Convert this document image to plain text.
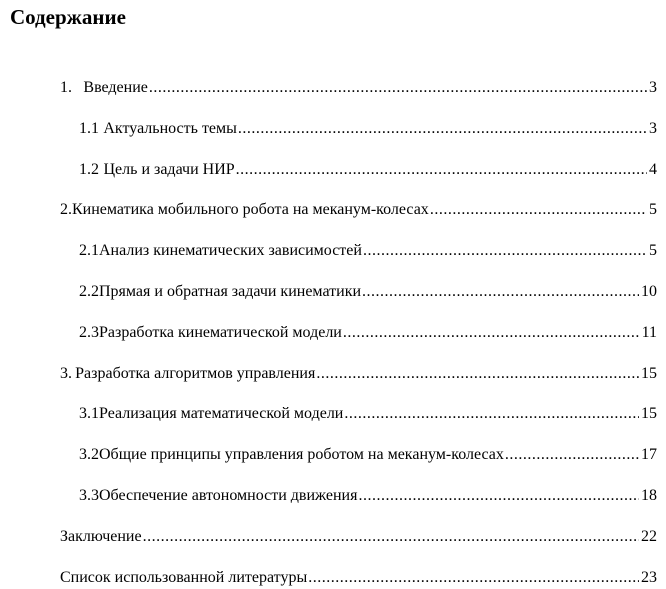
Содержание
1. Введение .....	3
1.1 Актуальность темы .....	3
1.2 Цель и задачи НИР .....	4
2. Кинематика мобильного робота на меканум-колесах .....	5
2.1 Анализ кинематических зависимостей .....	5
2.2 Прямая и обратная задачи кинематики .....	10
2.3 Разработка кинематической модели .....	11
3. Разработка алгоритмов управления .....	15
3.1 Реализация математической модели .....	15
3.2 Общие принципы управления роботом на меканум-колесах .....	17
3.3 Обеспечение автономности движения .....	18
Заключение .....	22
Список использованной литературы .....	23
